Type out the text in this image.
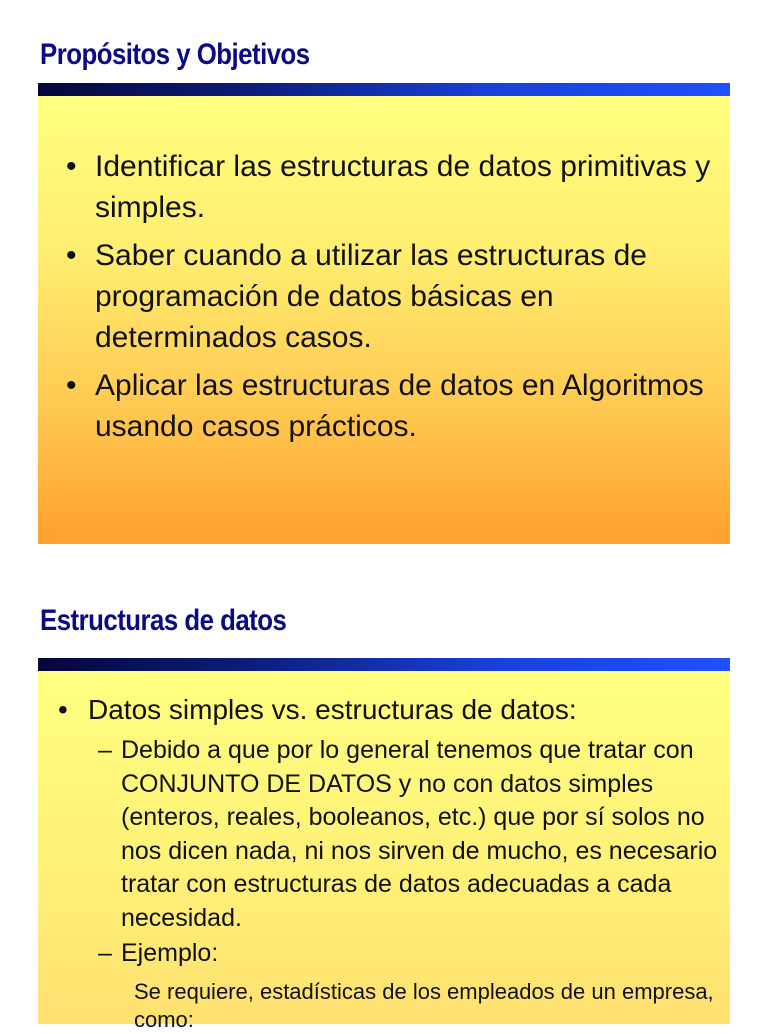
Propósitos y Objetivos
• Identificar las estructuras de datos primitivas y simples.
• Saber cuando a utilizar las estructuras de programación de datos básicas en determinados casos.
• Aplicar las estructuras de datos en Algoritmos usando casos prácticos.
Estructuras de datos
• Datos simples vs. estructuras de datos:
– Debido a que por lo general tenemos que tratar con CONJUNTO DE DATOS y no con datos simples (enteros, reales, booleanos, etc.) que por sí solos no nos dicen nada, ni nos sirven de mucho, es necesario tratar con estructuras de datos adecuadas a cada necesidad.
– Ejemplo:
Se requiere, estadísticas de los empleados de un empresa, como:
